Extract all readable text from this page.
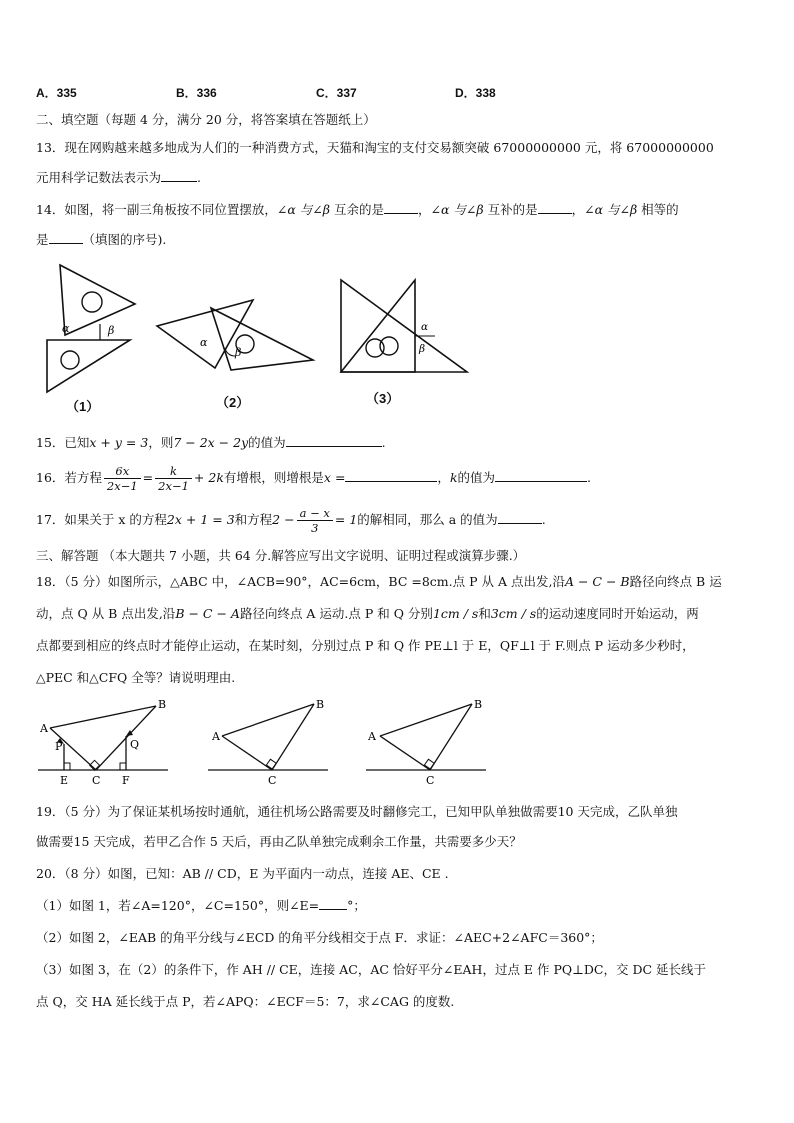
A．335	B．336	C．337	D．338
二、填空题（每题 4 分，满分 20 分，将答案填在答题纸上）
13．现在网购越来越多地成为人们的一种消费方式，天猫和淘宝的支付交易额突破 67000000000 元，将 67000000000
元用科学记数法表示为	.
14．如图，将一副三角板按不同位置摆放，∠α 与∠β 互余的是	，∠α 与∠β 互补的是	，∠α 与∠β 相等的
是	（填图的序号).
α	β
（1）
α
β
（2）
α
β
（3）
15．已知x + y = 3，则7 − 2x − 2y的值为	.
16．若方程 $\frac{6x}{2x-1} = \frac{k}{2x-1} + 2k$有增根，则增根是x =	，k的值为	.
17．如果关于 x 的方程2x + 1 = 3和方程$2 - \frac{a - x}{3} = 1$的解相同，那么 a 的值为	.
三、解答题 （本大题共 7 小题，共 64 分.解答应写出文字说明、证明过程或演算步骤.）
18．（5 分）如图所示，△ABC 中，∠ACB=90°，AC=6cm，BC =8cm.点 P 从 A 点出发,沿A − C − B路径向终点 B 运
动，点 Q 从 B 点出发,沿B − C − A路径向终点 A 运动.点 P 和 Q 分别1cm / s和3cm / s的运动速度同时开始运动，两
点都要到相应的终点时才能停止运动，在某时刻，分别过点 P 和 Q 作 PE⊥l 于 E，QF⊥l 于 F.则点 P 运动多少秒时，
△PEC 和△CFQ 全等？请说明理由.
A
B
P	Q
E C F
A
B
C
A
B
C
19．（5 分）为了保证某机场按时通航，通往机场公路需要及时翻修完工，已知甲队单独做需要10 天完成，乙队单独
做需要15 天完成，若甲乙合作 5 天后，再由乙队单独完成剩余工作量，共需要多少天？
20．（8 分）如图，已知：AB // CD，E 为平面内一动点，连接 AE、CE .
（1）如图 1，若∠A=120°，∠C=150°，则∠E= °；
（2）如图 2，∠EAB 的角平分线与∠ECD 的角平分线相交于点 F．求证：∠AEC+2∠AFC＝360°；
（3）如图 3，在（2）的条件下，作 AH // CE，连接 AC，AC 恰好平分∠EAH，过点 E 作 PQ⊥DC，交 DC 延长线于
点 Q，交 HA 延长线于点 P，若∠APQ：∠ECF＝5：7，求∠CAG 的度数.
